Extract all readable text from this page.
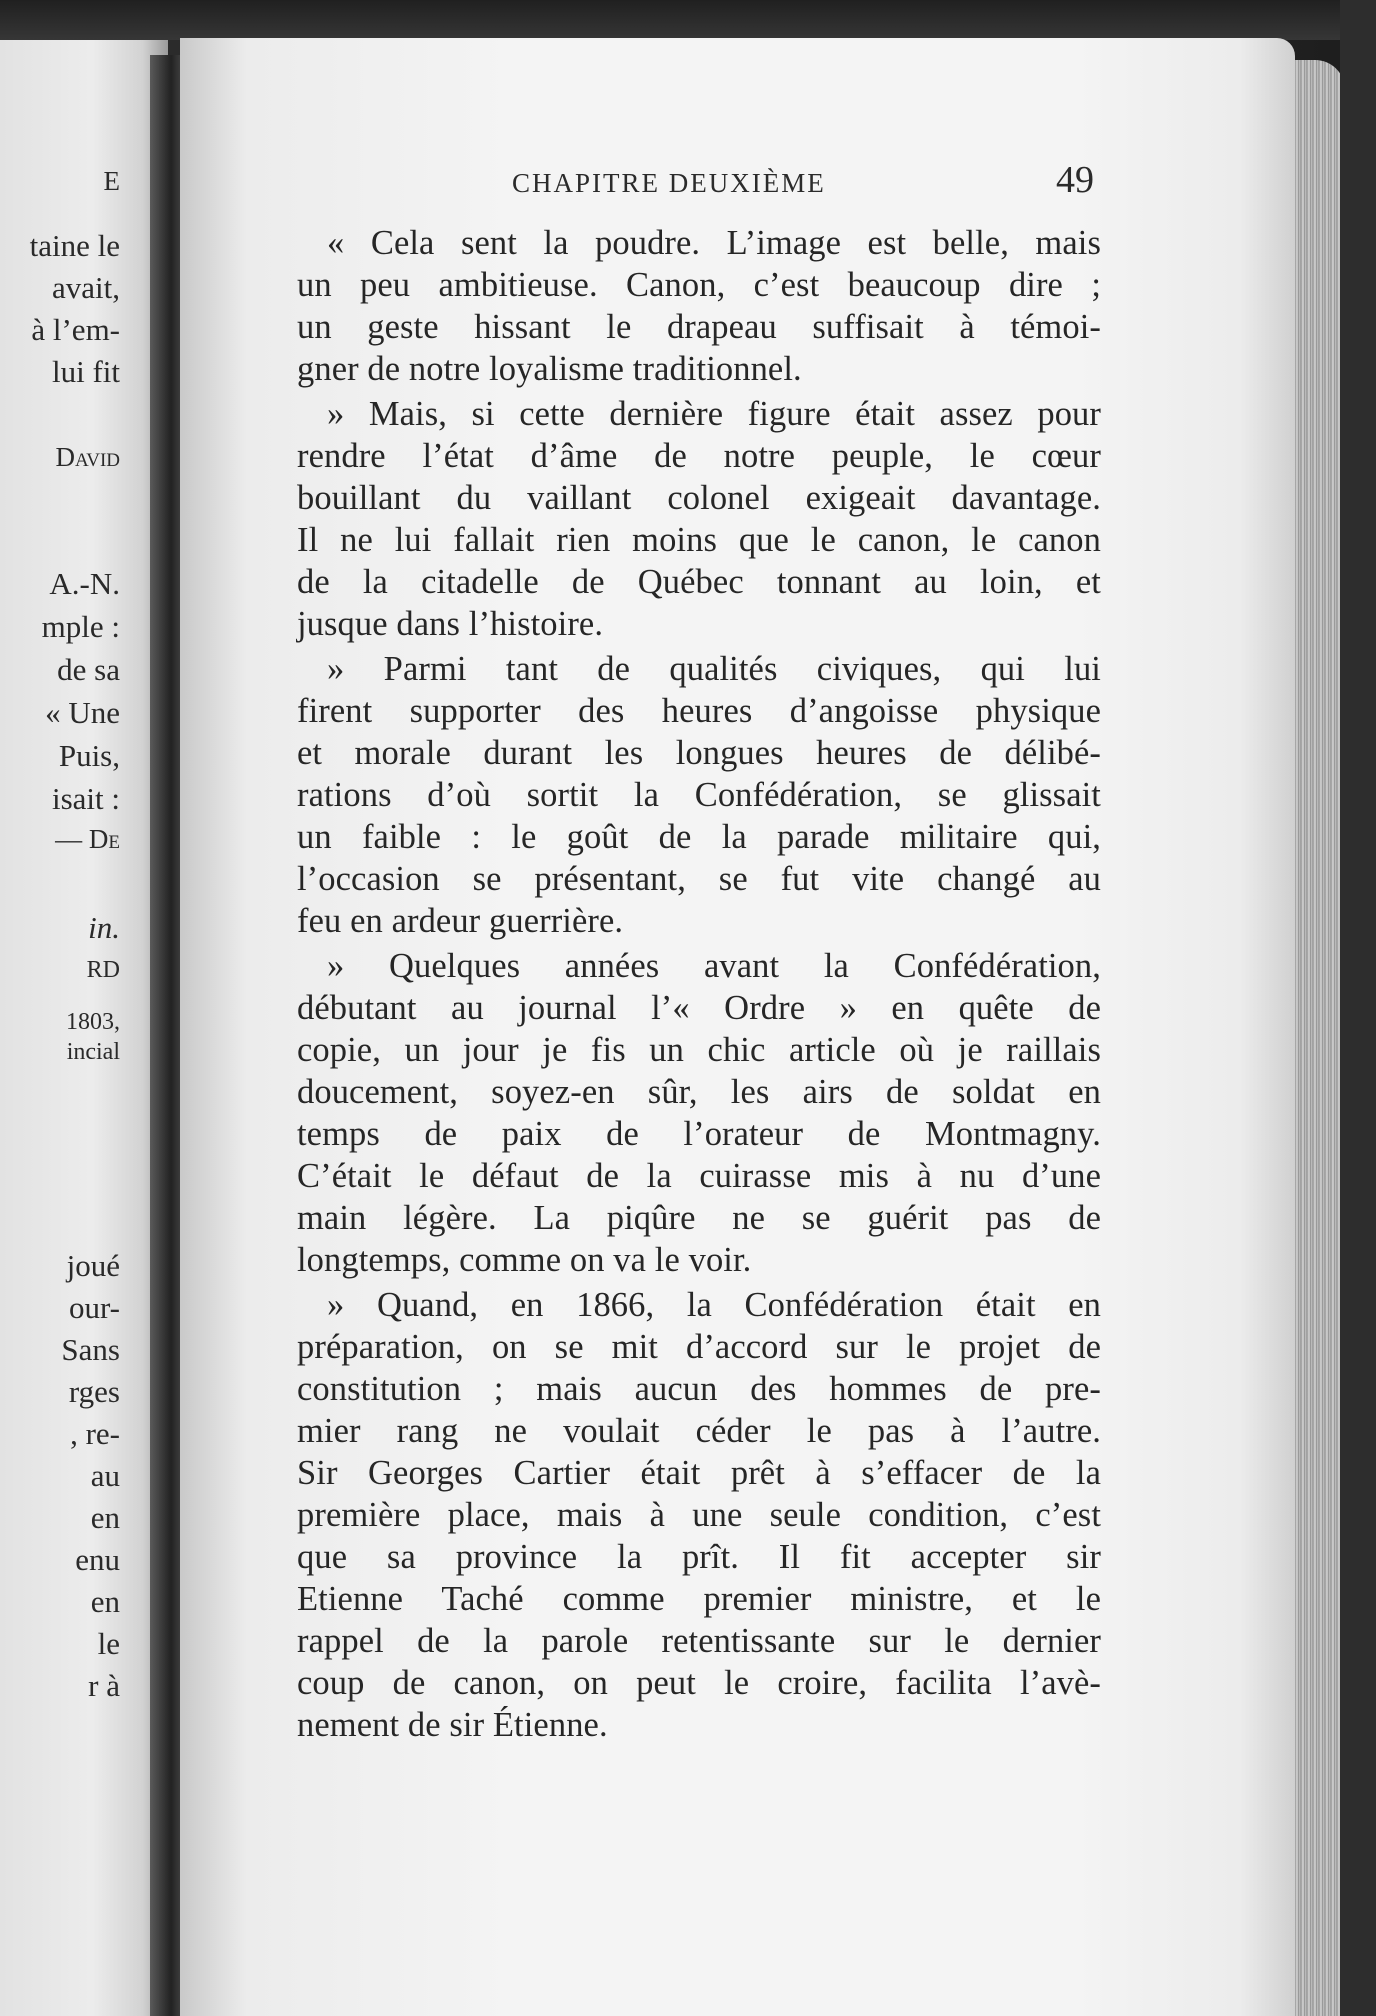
E
taine le
avait,
à l’em-
lui fit
David
A.-N.
mple :
de sa
« Une
Puis,
isait :
— De
in.
RD
1803,
incial
joué
our-
Sans
rges
, re-
au
en
enu
en
le
r à
CHAPITRE DEUXIÈME	49
« Cela sent la poudre. L’image est belle, mais
un peu ambitieuse. Canon, c’est beaucoup dire ;
un geste hissant le drapeau suffisait à témoi-
gner de notre loyalisme traditionnel.
» Mais, si cette dernière figure était assez pour
rendre l’état d’âme de notre peuple, le cœur
bouillant du vaillant colonel exigeait davantage.
Il ne lui fallait rien moins que le canon, le canon
de la citadelle de Québec tonnant au loin, et
jusque dans l’histoire.
» Parmi tant de qualités civiques, qui lui
firent supporter des heures d’angoisse physique
et morale durant les longues heures de délibé-
rations d’où sortit la Confédération, se glissait
un faible : le goût de la parade militaire qui,
l’occasion se présentant, se fut vite changé au
feu en ardeur guerrière.
» Quelques années avant la Confédération,
débutant au journal l’« Ordre » en quête de
copie, un jour je fis un chic article où je raillais
doucement, soyez-en sûr, les airs de soldat en
temps de paix de l’orateur de Montmagny.
C’était le défaut de la cuirasse mis à nu d’une
main légère. La piqûre ne se guérit pas de
longtemps, comme on va le voir.
» Quand, en 1866, la Confédération était en
préparation, on se mit d’accord sur le projet de
constitution ; mais aucun des hommes de pre-
mier rang ne voulait céder le pas à l’autre.
Sir Georges Cartier était prêt à s’effacer de la
première place, mais à une seule condition, c’est
que sa province la prît. Il fit accepter sir
Etienne Taché comme premier ministre, et le
rappel de la parole retentissante sur le dernier
coup de canon, on peut le croire, facilita l’avè-
nement de sir Étienne.
